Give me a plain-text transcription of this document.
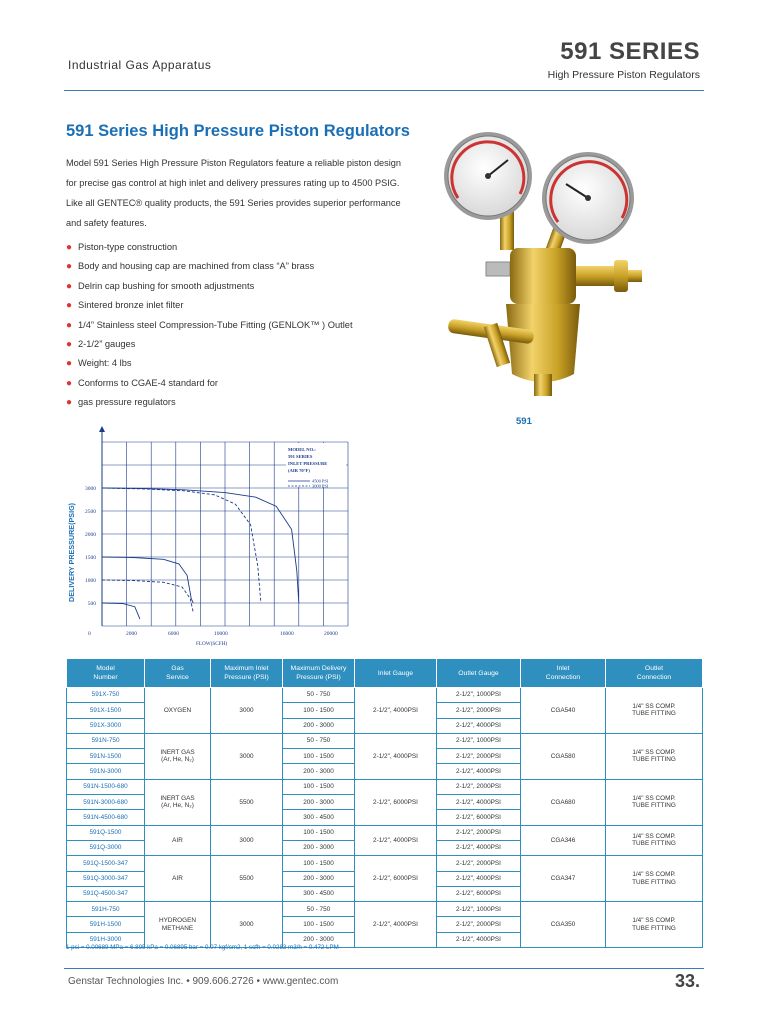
Industrial Gas Apparatus	591 SERIES
High Pressure Piston Regulators
591 Series High Pressure Piston Regulators
Model 591 Series High Pressure Piston Regulators feature a reliable piston design for precise gas control at high inlet and delivery pressures rating up to 4500 PSIG. Like all GENTEC® quality products, the 591 Series provides superior performance and safety features.
● Piston-type construction
● Body and housing cap are machined from class “A” brass
● Delrin cap bushing for smooth adjustments
● Sintered bronze inlet filter
● 1/4” Stainless steel Compression-Tube Fitting (GENLOK™ ) Outlet
● 2-1/2” gauges
● Weight: 4 lbs
● Conforms to CGAE-4 standard for
● gas pressure regulators
591
MODEL NO.:
591 SERIES
INLET PRESSURE
(AIR 70°F)
4500 PSI
3000 PSI
3000
2500
2000
1500
1000
500
0	2000	6000	10000	16000	20000
FLOW(SCFH)
DELIVERY PRESSURE(PSIG)
Model
Number	Gas
Service	Maximum Inlet
Pressure (PSI)	Maximum Delivery
Pressure (PSI)	Inlet Gauge	Outlet Gauge	Inlet
Connection	Outlet
Connection
591X-750	OXYGEN	3000	50 - 750	2-1/2", 4000PSI	2-1/2", 1000PSI	CGA540	1/4" SS COMP.
TUBE FITTING
591X-1500			100 - 1500		2-1/2", 2000PSI		
591X-3000			200 - 3000		2-1/2", 4000PSI		
591N-750	INERT GAS
(Ar, He, N₂)	3000	50 - 750	2-1/2", 4000PSI	2-1/2", 1000PSI	CGA580	1/4" SS COMP.
TUBE FITTING
591N-1500			100 - 1500		2-1/2", 2000PSI		
591N-3000			200 - 3000		2-1/2", 4000PSI		
591N-1500-680	INERT GAS
(Ar, He, N₂)	5500	100 - 1500	2-1/2", 6000PSI	2-1/2", 2000PSI	CGA680	1/4" SS COMP.
TUBE FITTING
591N-3000-680			200 - 3000		2-1/2", 4000PSI		
591N-4500-680			300 - 4500		2-1/2", 6000PSI		
591Q-1500	AIR	3000	100 - 1500	2-1/2", 4000PSI	2-1/2", 2000PSI	CGA346	1/4" SS COMP.
TUBE FITTING
591Q-3000			200 - 3000		2-1/2", 4000PSI		
591Q-1500-347	AIR	5500	100 - 1500	2-1/2", 6000PSI	2-1/2", 2000PSI	CGA347	1/4" SS COMP.
TUBE FITTING
591Q-3000-347			200 - 3000		2-1/2", 4000PSI		
591Q-4500-347			300 - 4500		2-1/2", 6000PSI		
591H-750	HYDROGEN
METHANE	3000	50 - 750	2-1/2", 4000PSI	2-1/2", 1000PSI	CGA350	1/4" SS COMP.
TUBE FITTING
591H-1500			100 - 1500		2-1/2", 2000PSI		
591H-3000			200 - 3000		2-1/2", 4000PSI		
1 psi = 0.00689 MPa = 6.895 kPa = 0.06895 bar = 0.07 kgf/cm2, 1 scfh = 0.0283 m3/h = 0.472 LPM
Genstar Technologies Inc. • 909.606.2726 • www.gentec.com	33.
